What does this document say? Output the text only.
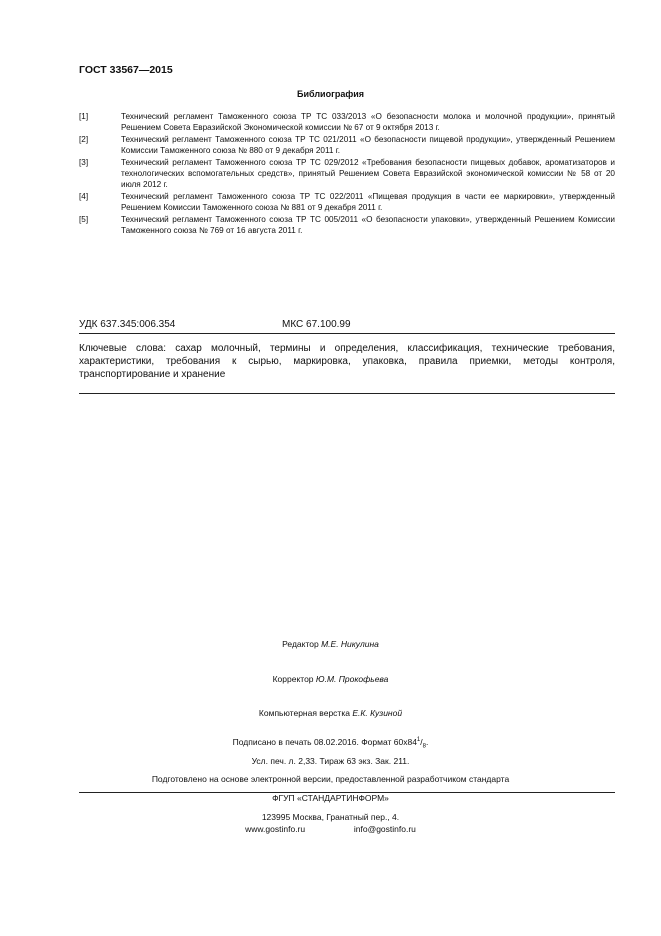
ГОСТ 33567—2015
Библиография
[1]	Технический регламент Таможенного союза ТР ТС 033/2013 «О безопасности молока и молочной продукции», принятый Решением Совета Евразийской Экономической комиссии № 67 от 9 октября 2013 г.
[2]	Технический регламент Таможенного союза ТР ТС 021/2011 «О безопасности пищевой продукции», утвержденный Решением Комиссии Таможенного союза № 880 от 9 декабря 2011 г.
[3]	Технический регламент Таможенного союза ТР ТС 029/2012 «Требования безопасности пищевых добавок, ароматизаторов и технологических вспомогательных средств», принятый Решением Совета Евразийской экономической комиссии № 58 от 20 июля 2012 г.
[4]	Технический регламент Таможенного союза ТР ТС 022/2011 «Пищевая продукция в части ее маркировки», утвержденный Решением Комиссии Таможенного союза № 881 от 9 декабря 2011 г.
[5]	Технический регламент Таможенного союза ТР ТС 005/2011 «О безопасности упаковки», утвержденный Решением Комиссии Таможенного союза № 769 от 16 августа 2011 г.
УДК 637.345:006.354	МКС 67.100.99
Ключевые слова: сахар молочный, термины и определения, классификация, технические требования, характеристики, требования к сырью, маркировка, упаковка, правила приемки, методы контроля, транспортирование и хранение
Редактор М.Е. Никулина
Корректор Ю.М. Прокофьева
Компьютерная верстка Е.К. Кузиной
Подписано в печать 08.02.2016. Формат $60x84^1/_8$.
Усл. печ. л. 2,33. Тираж 63 экз. Зак. 211.
Подготовлено на основе электронной версии, предоставленной разработчиком стандарта
ФГУП «СТАНДАРТИНФОРМ»
123995 Москва, Гранатный пер., 4.
www.gostinfo.ru	info@gostinfo.ru
